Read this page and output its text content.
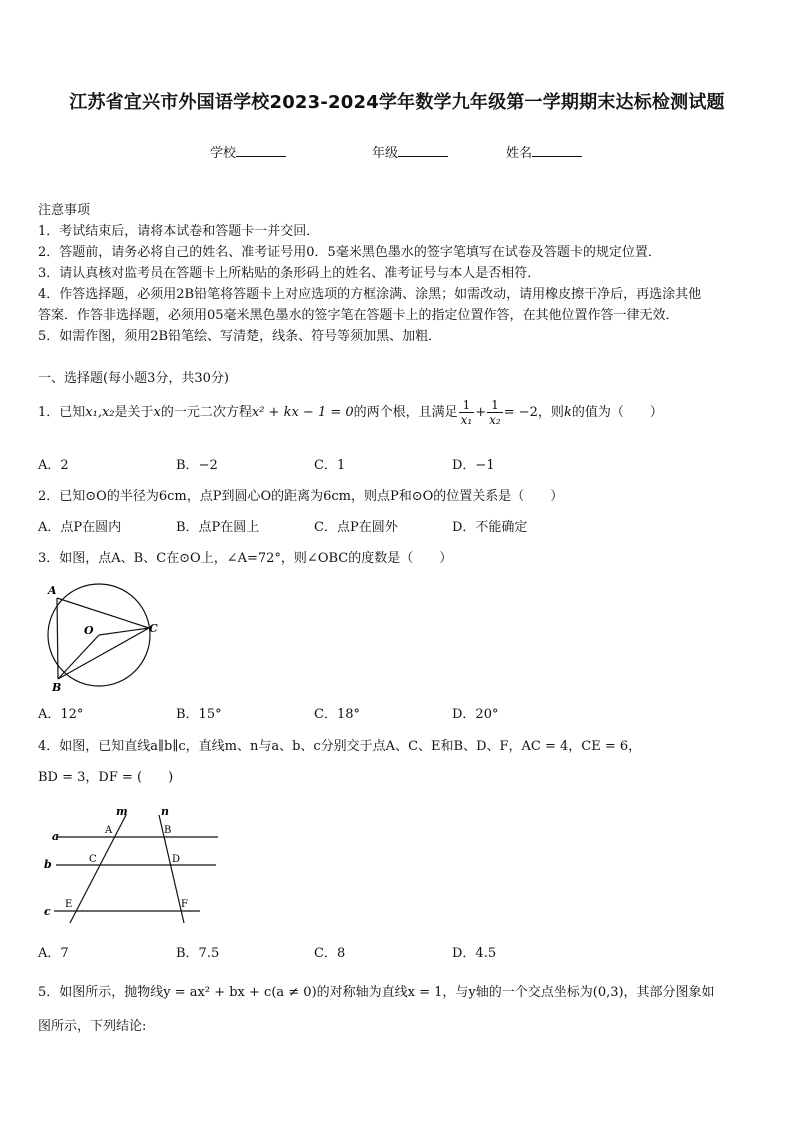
江苏省宜兴市外国语学校2023-2024学年数学九年级第一学期期末达标检测试题
学校	年级	姓名
注意事项
1．考试结束后，请将本试卷和答题卡一并交回．
2．答题前，请务必将自己的姓名、准考证号用0．5毫米黑色墨水的签字笔填写在试卷及答题卡的规定位置．
3．请认真核对监考员在答题卡上所粘贴的条形码上的姓名、准考证号与本人是否相符．
4．作答选择题，必须用2B铅笔将答题卡上对应选项的方框涂满、涂黑；如需改动，请用橡皮擦干净后，再选涂其他
答案．作答非选择题，必须用05毫米黑色墨水的签字笔在答题卡上的指定位置作答，在其他位置作答一律无效．
5．如需作图，须用2B铅笔绘、写清楚，线条、符号等须加黑、加粗．
一、选择题(每小题3分，共30分)
1．已知 x₁,x₂ 是关于 x 的一元二次方程 x² + kx − 1 = 0 的两个根，且满足 $\frac{1}{\text{x₁}} + \frac{1}{\text{x₂}} = -2$ ，则 k 的值为（　　）
A．2	B．−2	C．1	D．−1
2．已知⊙O的半径为6cm，点P到圆心O的距离为6cm，则点P和⊙O的位置关系是（　　）
A．点P在圆内	B．点P在圆上	C．点P在圆外	D．不能确定
3．如图，点A、B、C在⊙O上，∠A=72°，则∠OBC的度数是（　　）
A
C
O
B
A．12°	B．15°	C．18°	D．20°
4．如图，已知直线a∥b∥c，直线m、n与a、b、c分别交于点A、C、E和B、D、F，AC = 4，CE = 6，
BD = 3，DF = (　　)
m	n
a
b
c
A	B
C	D
E	F
A．7	B．7.5	C．8	D．4.5
5．如图所示，抛物线y = ax² + bx + c(a ≠ 0)的对称轴为直线x = 1，与y轴的一个交点坐标为(0,3)，其部分图象如
图所示，下列结论:
